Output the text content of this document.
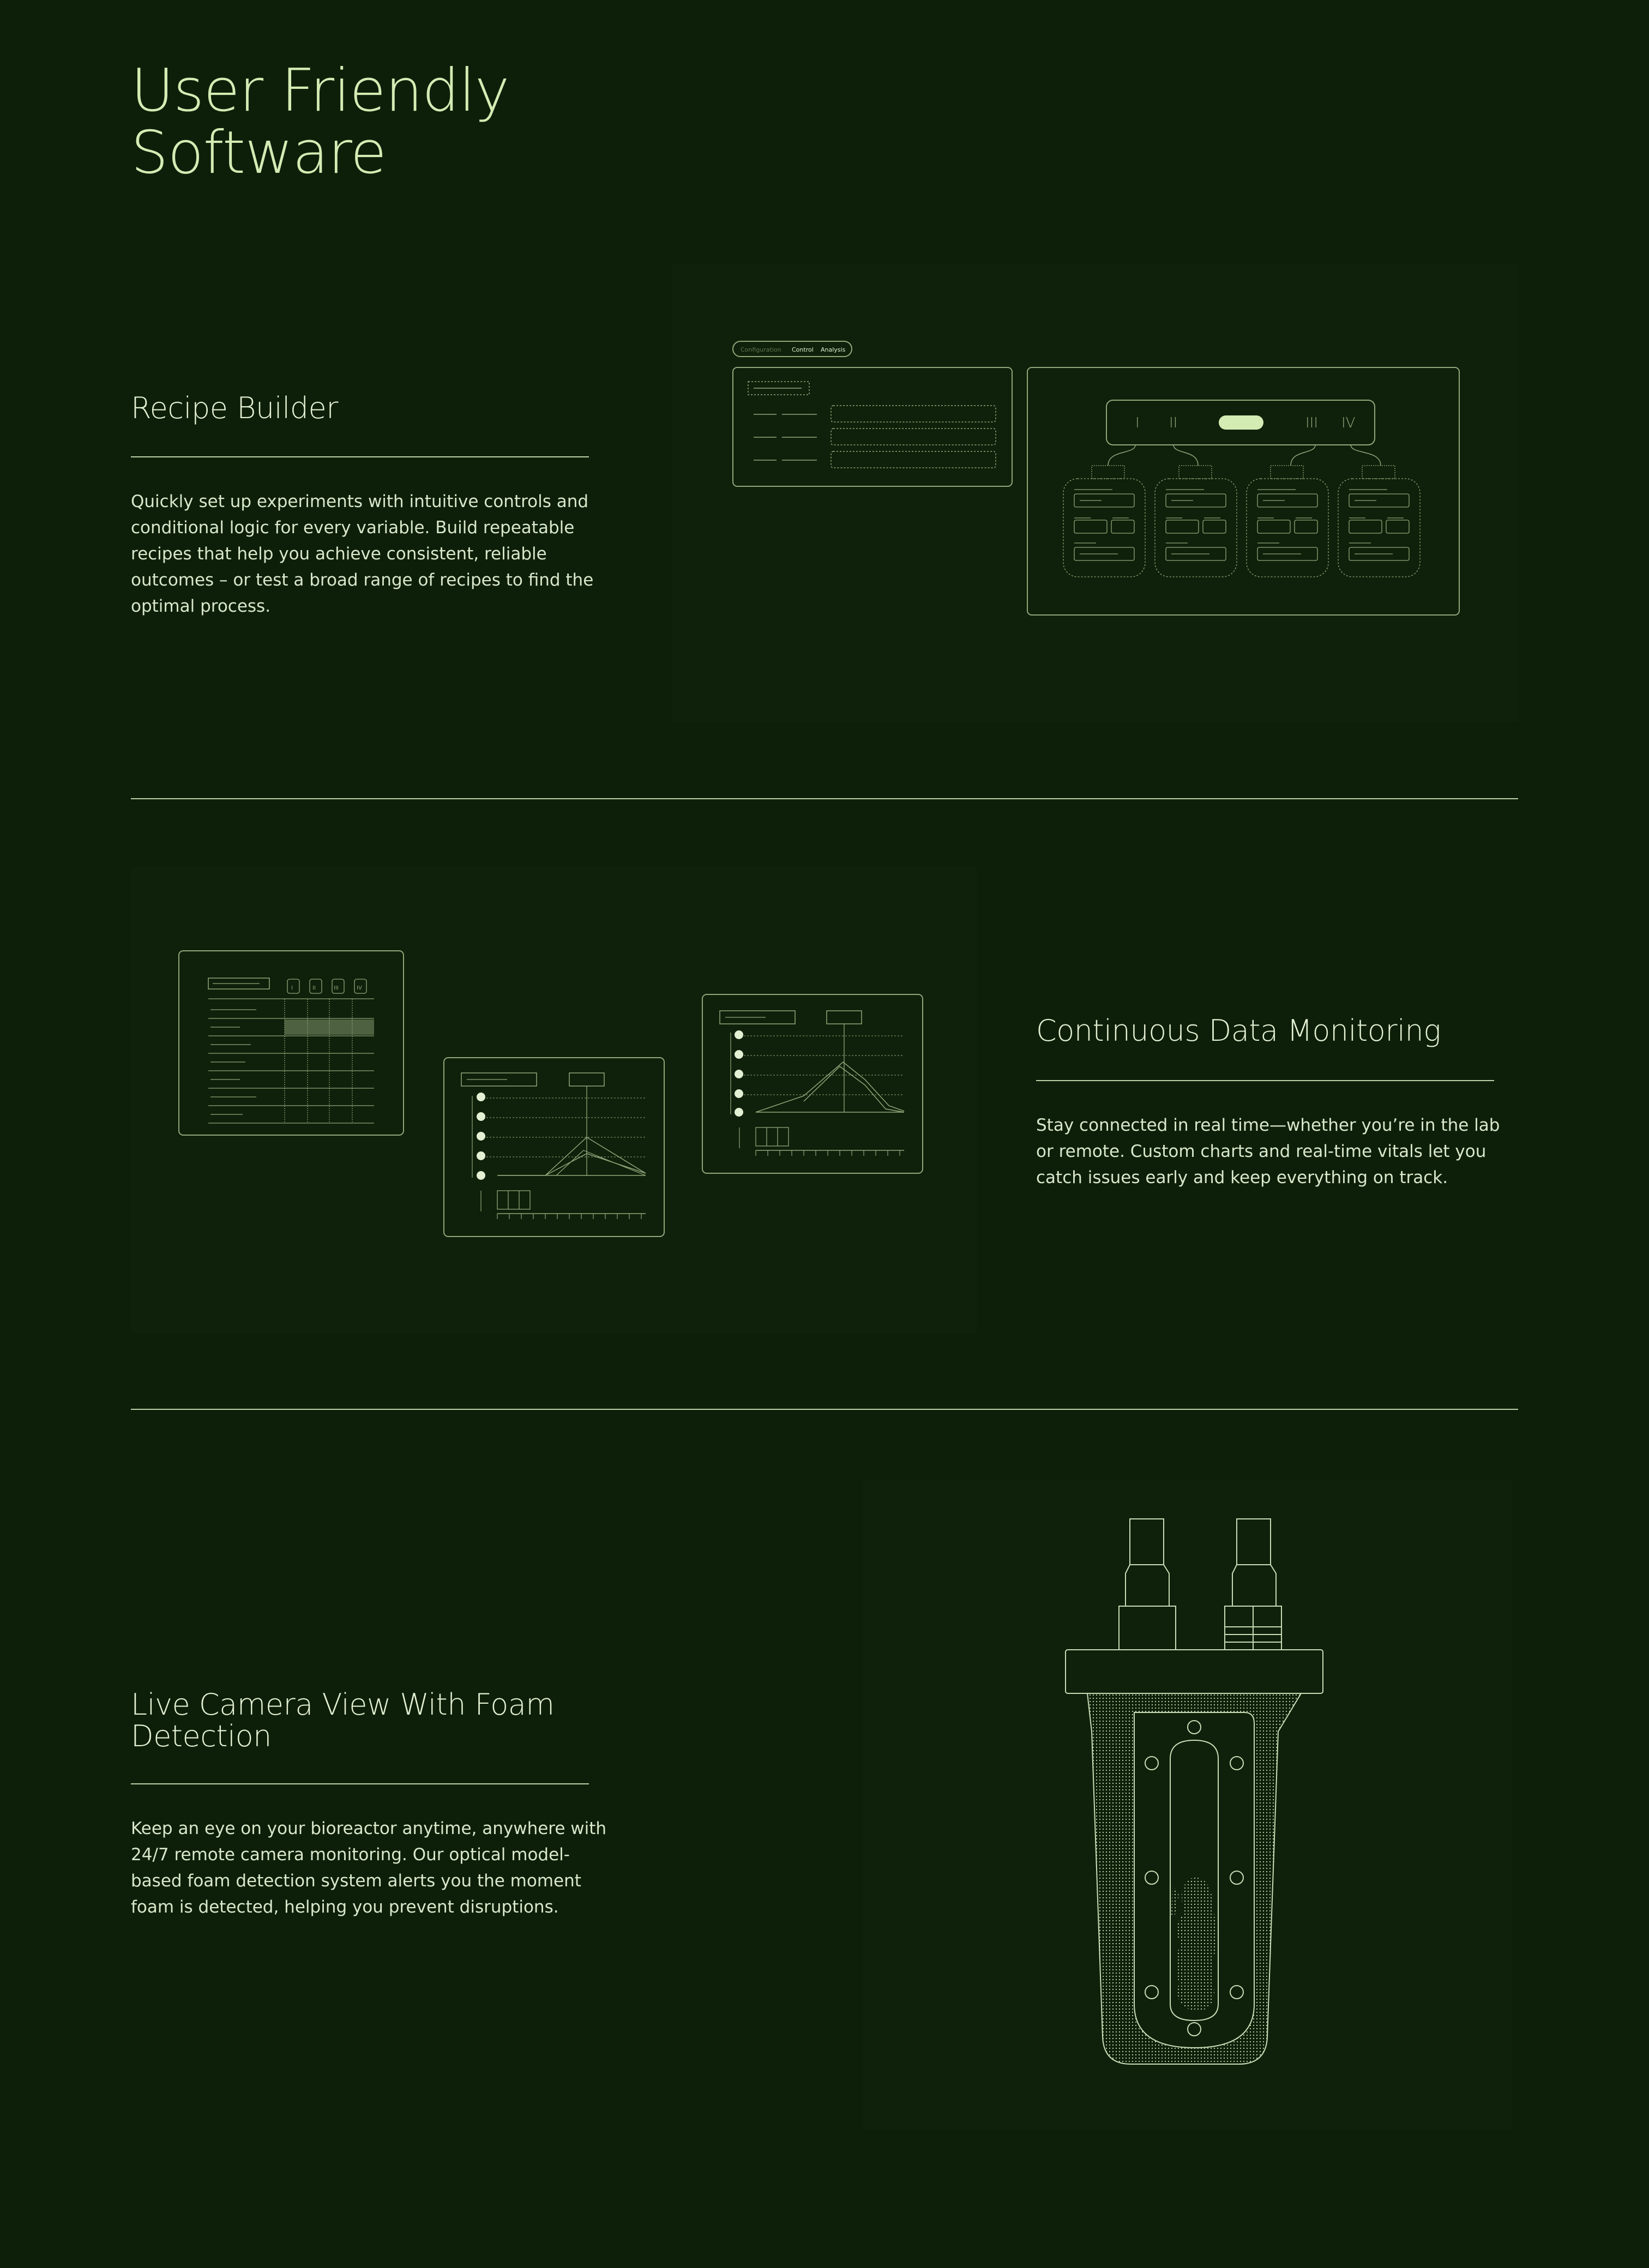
User Friendly
Software
Recipe Builder

Quickly set up experiments with intuitive controls and conditional logic for every variable. Build repeatable recipes that help you achieve consistent, reliable outcomes – or test a broad range of recipes to find the optimal process.

Configuration Control Analysis
I II	III IV
I	II	III	IV
Continuous Data Monitoring

Stay connected in real time—whether you’re in the lab or remote. Custom charts and real-time vitals let you catch issues early and keep everything on track.

Live Camera View With Foam Detection

Keep an eye on your bioreactor anytime, anywhere with 24/7 remote camera monitoring. Our optical model-based foam detection system alerts you the moment foam is detected, helping you prevent disruptions.
